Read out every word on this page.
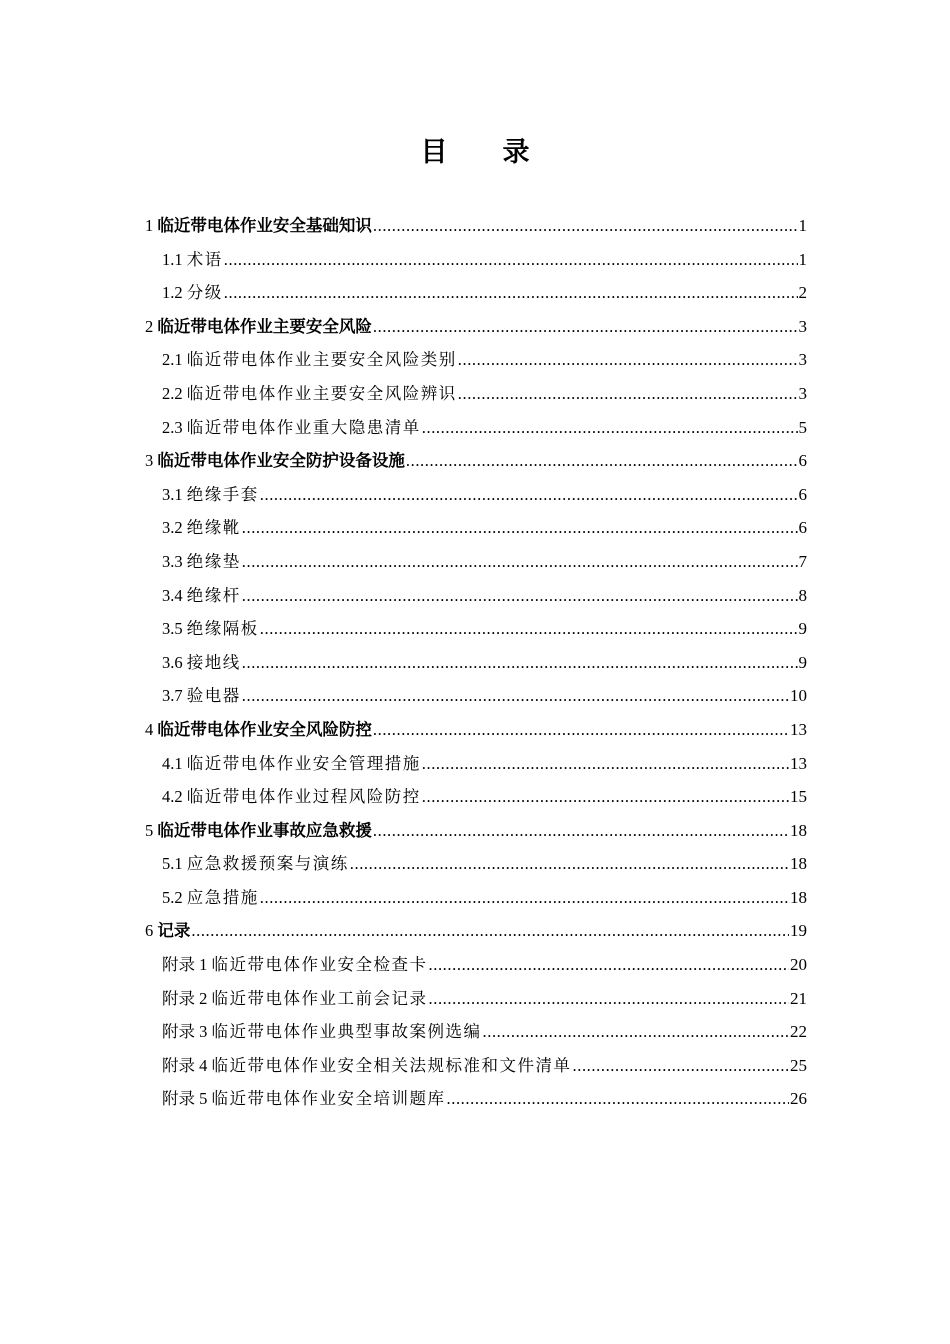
目　录
1 临近带电体作业安全基础知识 .....	1
1.1 术语 .....	1
1.2 分级 .....	2
2 临近带电体作业主要安全风险 .....	3
2.1 临近带电体作业主要安全风险类别 .....	3
2.2 临近带电体作业主要安全风险辨识 .....	3
2.3 临近带电体作业重大隐患清单 .....	5
3 临近带电体作业安全防护设备设施 .....	6
3.1 绝缘手套 .....	6
3.2 绝缘靴 .....	6
3.3 绝缘垫 .....	7
3.4 绝缘杆 .....	8
3.5 绝缘隔板 .....	9
3.6 接地线 .....	9
3.7 验电器 .....	10
4 临近带电体作业安全风险防控 .....	13
4.1 临近带电体作业安全管理措施 .....	13
4.2 临近带电体作业过程风险防控 .....	15
5 临近带电体作业事故应急救援 .....	18
5.1 应急救援预案与演练 .....	18
5.2 应急措施 .....	18
6 记录 .....	19
附录 1 临近带电体作业安全检查卡 .....	20
附录 2 临近带电体作业工前会记录 .....	21
附录 3 临近带电体作业典型事故案例选编 .....	22
附录 4 临近带电体作业安全相关法规标准和文件清单 .....	25
附录 5 临近带电体作业安全培训题库 .....	26
